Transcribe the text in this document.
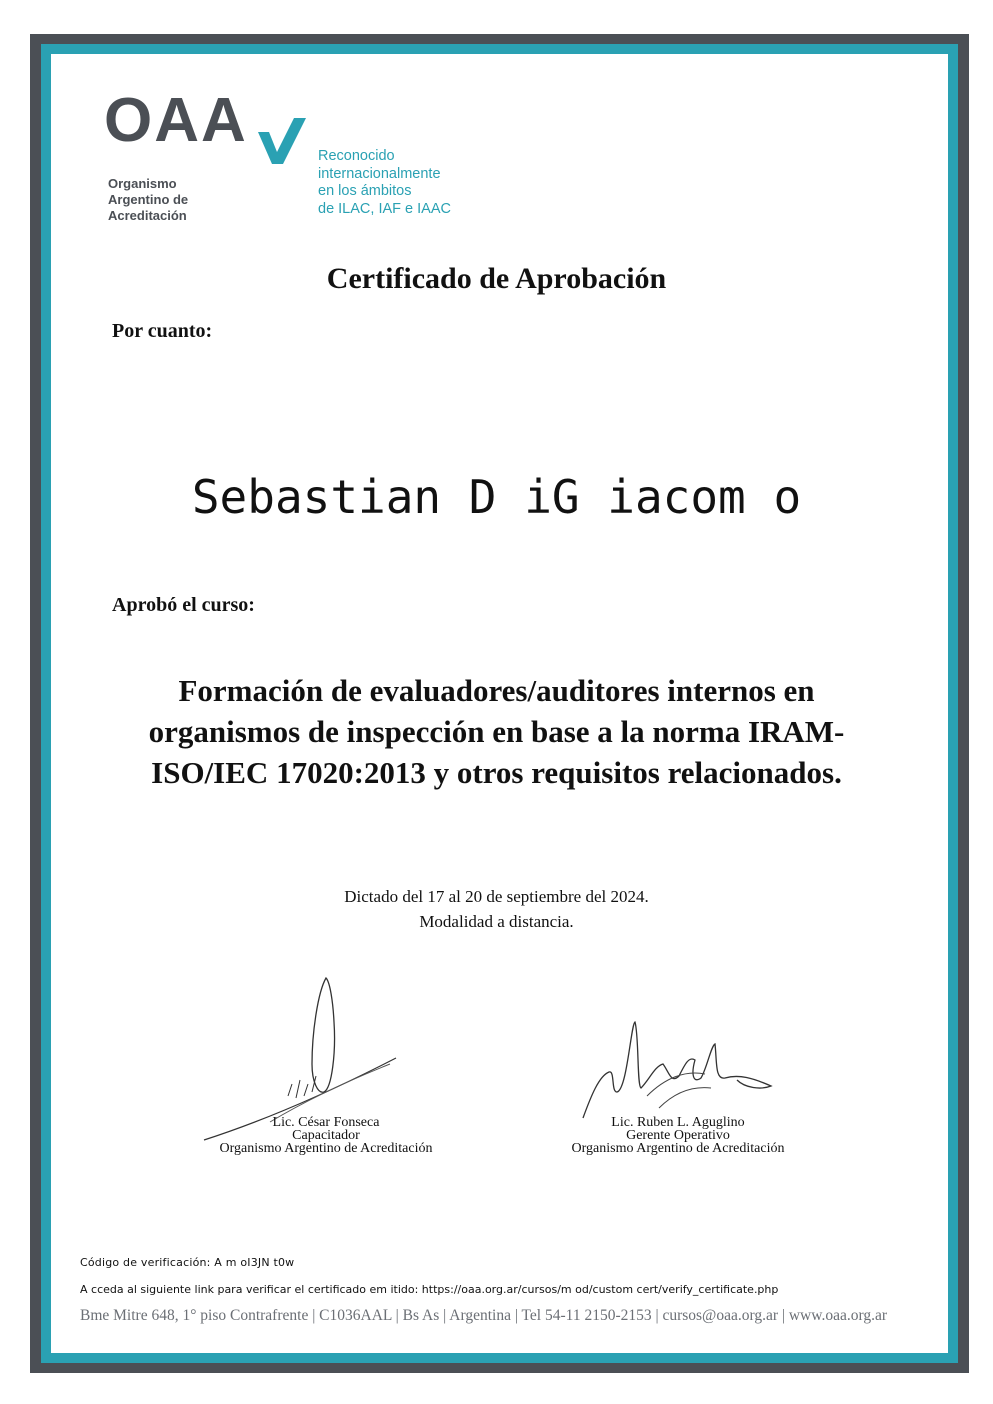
OAA
Organismo
Argentino de
Acreditación
Reconocido
internacionalmente
en los ámbitos
de ILAC, IAF e IAAC
Certificado de Aprobación
Por cuanto:
Sebastian D iG iacom o
Aprobó el curso:
Formación de evaluadores/auditores internos en organismos de inspección en base a la norma IRAM-ISO/IEC 17020:2013 y otros requisitos relacionados.
Dictado del 17 al 20 de septiembre del 2024.
Modalidad a distancia.
Lic. César Fonseca
Capacitador
Organismo Argentino de Acreditación
Lic. Ruben L. Aguglino
Gerente Operativo
Organismo Argentino de Acreditación
Código de verificación: A m oI3JN t0w
A cceda al siguiente link para verificar el certificado em itido: https://oaa.org.ar/cursos/m od/custom cert/verify_certificate.php
Bme Mitre 648, 1° piso Contrafrente | C1036AAL | Bs As | Argentina | Tel 54-11 2150-2153 | cursos@oaa.org.ar | www.oaa.org.ar
